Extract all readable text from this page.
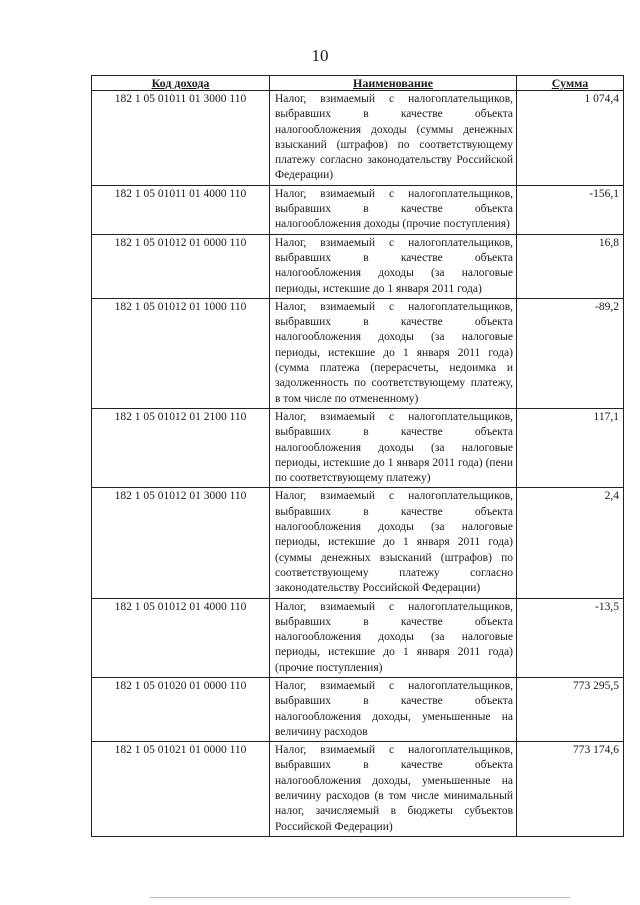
10
Код дохода	Наименование	Сумма
182 1 05 01011 01 3000 110	Налог, взимаемый с налогоплательщиков, выбравших в качестве объекта налогообложения доходы (суммы денежных взысканий (штрафов) по соответствующему платежу согласно законодательству Российской Федерации)	1 074,4
182 1 05 01011 01 4000 110	Налог, взимаемый с налогоплательщиков, выбравших в качестве объекта налогообложения доходы (прочие поступления)	-156,1
182 1 05 01012 01 0000 110	Налог, взимаемый с налогоплательщиков, выбравших в качестве объекта налогообложения доходы (за налоговые периоды, истекшие до 1 января 2011 года)	16,8
182 1 05 01012 01 1000 110	Налог, взимаемый с налогоплательщиков, выбравших в качестве объекта налогообложения доходы (за налоговые периоды, истекшие до 1 января 2011 года) (сумма платежа (перерасчеты, недоимка и задолженность по соответствующему платежу, в том числе по отмененному)	-89,2
182 1 05 01012 01 2100 110	Налог, взимаемый с налогоплательщиков, выбравших в качестве объекта налогообложения доходы (за налоговые периоды, истекшие до 1 января 2011 года) (пени по соответствующему платежу)	117,1
182 1 05 01012 01 3000 110	Налог, взимаемый с налогоплательщиков, выбравших в качестве объекта налогообложения доходы (за налоговые периоды, истекшие до 1 января 2011 года) (суммы денежных взысканий (штрафов) по соответствующему платежу согласно законодательству Российской Федерации)	2,4
182 1 05 01012 01 4000 110	Налог, взимаемый с налогоплательщиков, выбравших в качестве объекта налогообложения доходы (за налоговые периоды, истекшие до 1 января 2011 года) (прочие поступления)	-13,5
182 1 05 01020 01 0000 110	Налог, взимаемый с налогоплательщиков, выбравших в качестве объекта налогообложения доходы, уменьшенные на величину расходов	773 295,5
182 1 05 01021 01 0000 110	Налог, взимаемый с налогоплательщиков, выбравших в качестве объекта налогообложения доходы, уменьшенные на величину расходов (в том числе минимальный налог, зачисляемый в бюджеты субъектов Российской Федерации)	773 174,6
